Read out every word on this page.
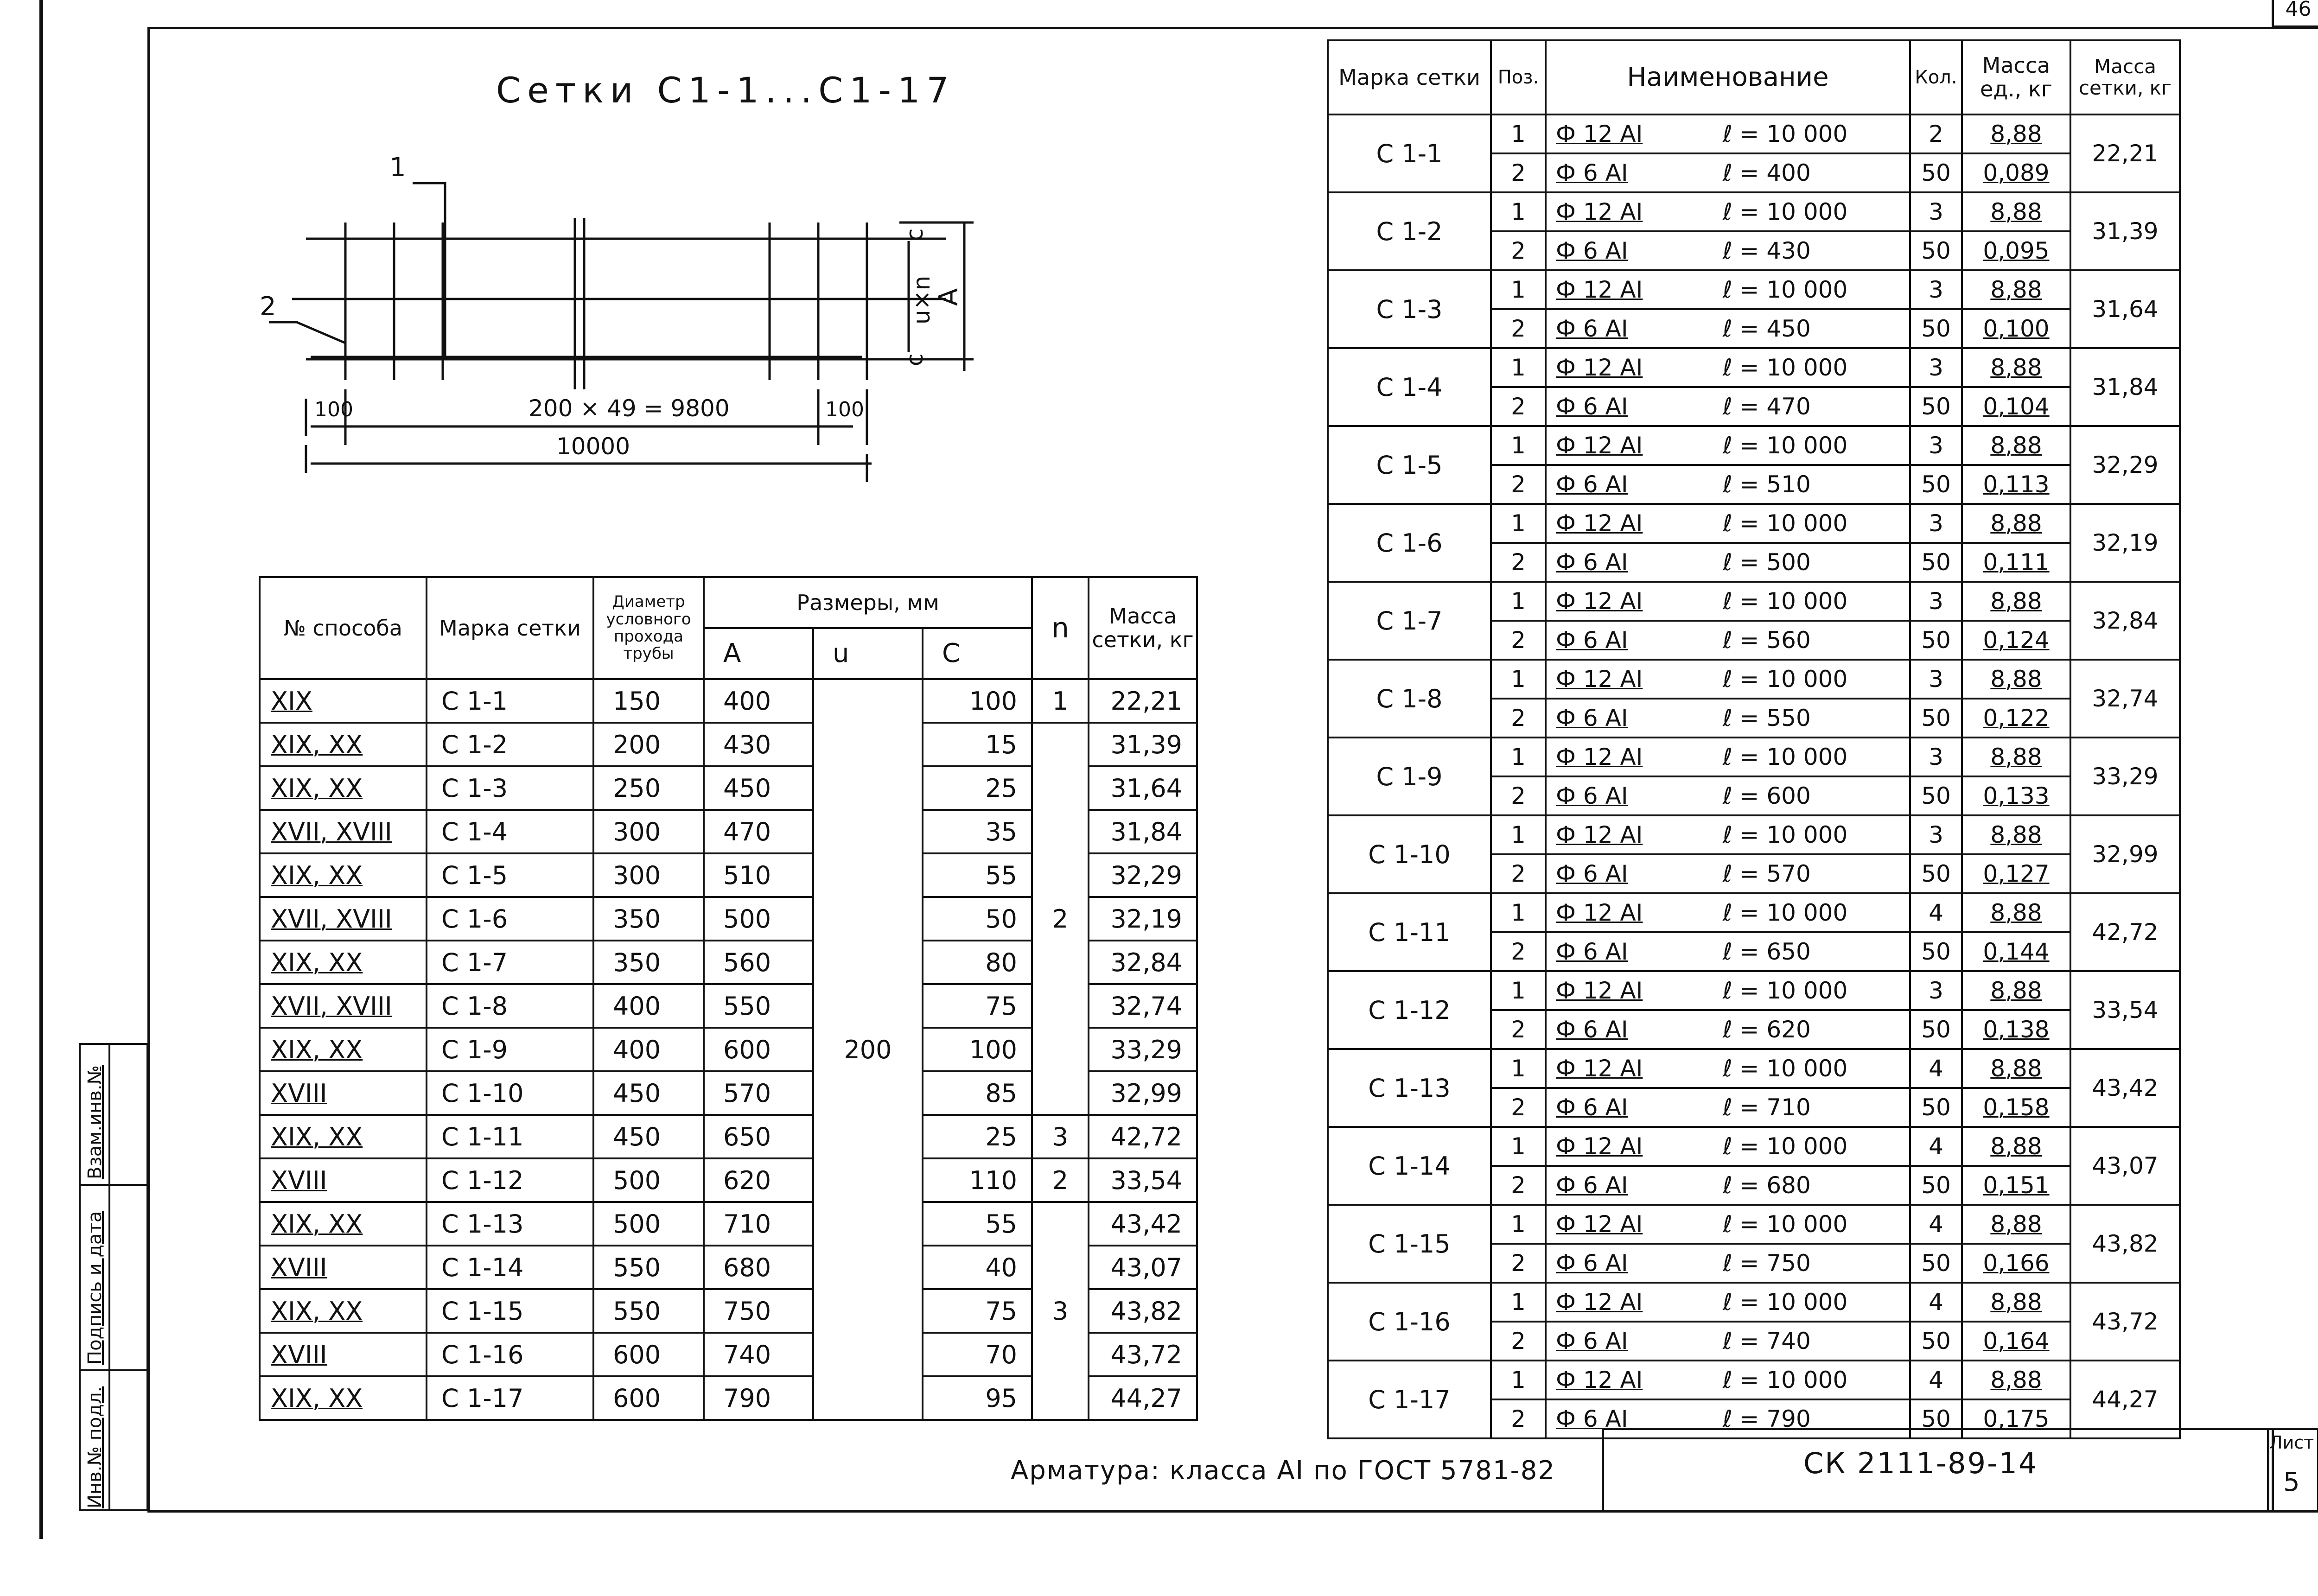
46
Взам.инв.№
Подпись и дата
Инв.№ подл.
Сетки С1-1...С1-17
1
2
200 × 49 = 9800
10000
100	100
c
u×n
c
A
№ способа	Марка сетки	Диаметр условного прохода трубы	Размеры, мм			n	Масса сетки, кг
			А	u	С		
XIX	С 1-1	150	400	200	100	1	22,21
XIX, XX	С 1-2	200	430		15	2	31,39
XIX, XX	С 1-3	250	450		25		31,64
XVII, XVIII	С 1-4	300	470		35		31,84
XIX, XX	С 1-5	300	510		55		32,29
XVII, XVIII	С 1-6	350	500		50		32,19
XIX, XX	С 1-7	350	560		80		32,84
XVII, XVIII	С 1-8	400	550		75		32,74
XIX, XX	С 1-9	400	600		100		33,29
XVIII	С 1-10	450	570		85		32,99
XIX, XX	С 1-11	450	650		25	3	42,72
XVIII	С 1-12	500	620		110	2	33,54
XIX, XX	С 1-13	500	710		55	3	43,42
XVIII	С 1-14	550	680		40		43,07
XIX, XX	С 1-15	550	750		75		43,82
XVIII	С 1-16	600	740		70		43,72
XIX, XX	С 1-17	600	790		95		44,27
Марка сетки	Поз.	Наименование	Кол.	Масса ед., кг	Масса сетки, кг
С 1-1	1	Ф 12 АI ℓ = 10 000	2	8,88	22,21
	2	Ф 6 АI ℓ = 400	50	0,089	
С 1-2	1	Ф 12 АI ℓ = 10 000	3	8,88	31,39
	2	Ф 6 АI ℓ = 430	50	0,095	
С 1-3	1	Ф 12 АI ℓ = 10 000	3	8,88	31,64
	2	Ф 6 АI ℓ = 450	50	0,100	
С 1-4	1	Ф 12 АI ℓ = 10 000	3	8,88	31,84
	2	Ф 6 АI ℓ = 470	50	0,104	
С 1-5	1	Ф 12 АI ℓ = 10 000	3	8,88	32,29
	2	Ф 6 АI ℓ = 510	50	0,113	
С 1-6	1	Ф 12 АI ℓ = 10 000	3	8,88	32,19
	2	Ф 6 АI ℓ = 500	50	0,111	
С 1-7	1	Ф 12 АI ℓ = 10 000	3	8,88	32,84
	2	Ф 6 АI ℓ = 560	50	0,124	
С 1-8	1	Ф 12 АI ℓ = 10 000	3	8,88	32,74
	2	Ф 6 АI ℓ = 550	50	0,122	
С 1-9	1	Ф 12 АI ℓ = 10 000	3	8,88	33,29
	2	Ф 6 АI ℓ = 600	50	0,133	
С 1-10	1	Ф 12 АI ℓ = 10 000	3	8,88	32,99
	2	Ф 6 АI ℓ = 570	50	0,127	
С 1-11	1	Ф 12 АI ℓ = 10 000	4	8,88	42,72
	2	Ф 6 АI ℓ = 650	50	0,144	
С 1-12	1	Ф 12 АI ℓ = 10 000	3	8,88	33,54
	2	Ф 6 АI ℓ = 620	50	0,138	
С 1-13	1	Ф 12 АI ℓ = 10 000	4	8,88	43,42
	2	Ф 6 АI ℓ = 710	50	0,158	
С 1-14	1	Ф 12 АI ℓ = 10 000	4	8,88	43,07
	2	Ф 6 АI ℓ = 680	50	0,151	
С 1-15	1	Ф 12 АI ℓ = 10 000	4	8,88	43,82
	2	Ф 6 АI ℓ = 750	50	0,166	
С 1-16	1	Ф 12 АI ℓ = 10 000	4	8,88	43,72
	2	Ф 6 АI ℓ = 740	50	0,164	
С 1-17	1	Ф 12 АI ℓ = 10 000	4	8,88	44,27
	2	Ф 6 АI ℓ = 790	50	0,175	
Арматура: класса АI по ГОСТ 5781-82	СК 2111-89-14
Лист
5
